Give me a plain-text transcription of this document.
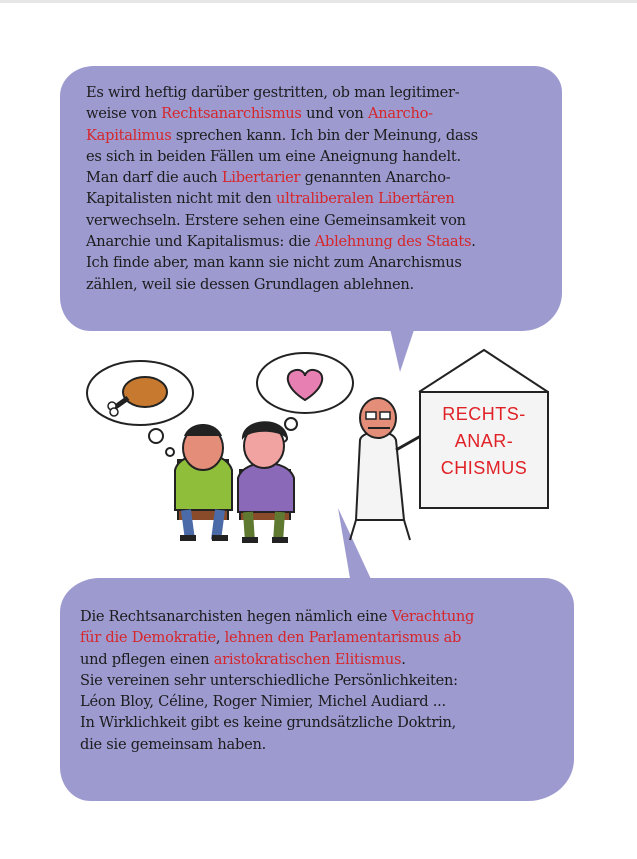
RECHTS-
ANAR-
CHISMUS

Es wird heftig darüber gestritten, ob man legitimer-

weise von Rechtsanarchismus und von Anarcho-

Kapitalimus sprechen kann. Ich bin der Meinung, dass

es sich in beiden Fällen um eine Aneignung handelt.

Man darf die auch Libertarier genannten Anarcho-

Kapitalisten nicht mit den ultraliberalen Libertären

verwechseln. Erstere sehen eine Gemeinsamkeit von

Anarchie und Kapitalismus: die Ablehnung des Staats.

Ich finde aber, man kann sie nicht zum Anarchismus

zählen, weil sie dessen Grundlagen ablehnen.

Die Rechtsanarchisten hegen nämlich eine Verachtung

für die Demokratie, lehnen den Parlamentarismus ab

und pflegen einen aristokratischen Elitismus.

Sie vereinen sehr unterschiedliche Persönlichkeiten:

Léon Bloy, Céline, Roger Nimier, Michel Audiard ...

In Wirklichkeit gibt es keine grundsätzliche Doktrin,

die sie gemeinsam haben.
